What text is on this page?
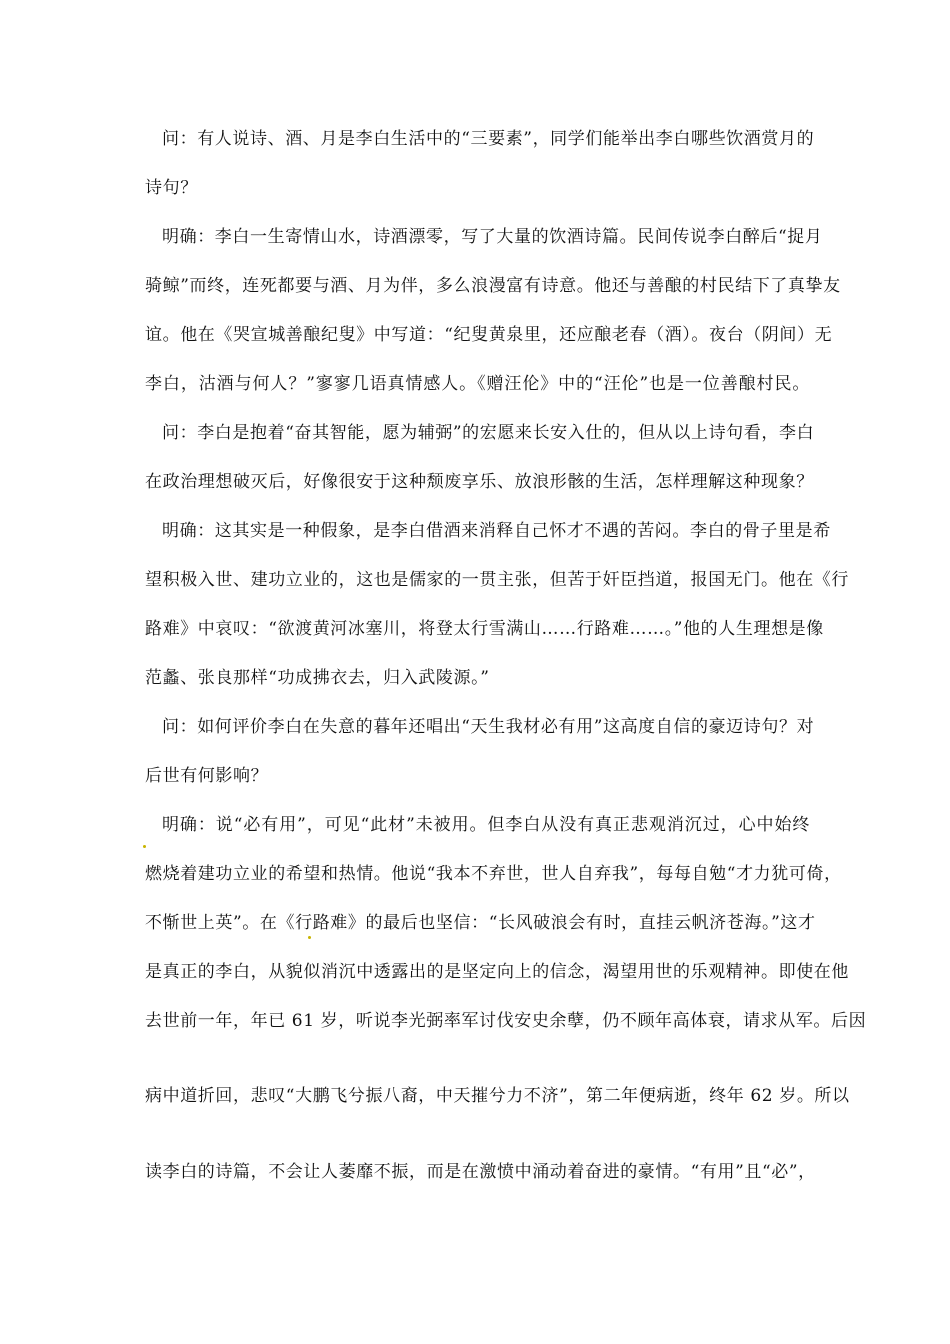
问：有人说诗、酒、月是李白生活中的“三要素”，同学们能举出李白哪些饮酒赏月的
诗句？
明确：李白一生寄情山水，诗酒漂零，写了大量的饮酒诗篇。民间传说李白醉后“捉月
骑鲸”而终，连死都要与酒、月为伴，多么浪漫富有诗意。他还与善酿的村民结下了真挚友
谊。他在《哭宣城善酿纪叟》中写道：“纪叟黄泉里，还应酿老春（酒）。夜台（阴间）无
李白，沽酒与何人？”寥寥几语真情感人。《赠汪伦》中的“汪伦”也是一位善酿村民。
问：李白是抱着“奋其智能，愿为辅弼”的宏愿来长安入仕的，但从以上诗句看，李白
在政治理想破灭后，好像很安于这种颓废享乐、放浪形骸的生活，怎样理解这种现象？
明确：这其实是一种假象，是李白借酒来消释自己怀才不遇的苦闷。李白的骨子里是希
望积极入世、建功立业的，这也是儒家的一贯主张，但苦于奸臣挡道，报国无门。他在《行
路难》中哀叹：“欲渡黄河冰塞川，将登太行雪满山……行路难……。”他的人生理想是像
范蠡、张良那样“功成拂衣去，归入武陵源。”
问：如何评价李白在失意的暮年还唱出“天生我材必有用”这高度自信的豪迈诗句？对
后世有何影响？
明确：说“必有用”，可见“此材”未被用。但李白从没有真正悲观消沉过，心中始终
燃烧着建功立业的希望和热情。他说“我本不弃世，世人自弃我”，每每自勉“才力犹可倚，
不惭世上英”。在《行路难》的最后也坚信：“长风破浪会有时，直挂云帆济苍海。”这才
是真正的李白，从貌似消沉中透露出的是坚定向上的信念，渴望用世的乐观精神。即使在他
去世前一年，年已 61 岁，听说李光弼率军讨伐安史余孽，仍不顾年高体衰，请求从军。后因
病中道折回，悲叹“大鹏飞兮振八裔，中天摧兮力不济”，第二年便病逝，终年 62 岁。所以
读李白的诗篇，不会让人萎靡不振，而是在激愤中涌动着奋进的豪情。“有用”且“必”，
